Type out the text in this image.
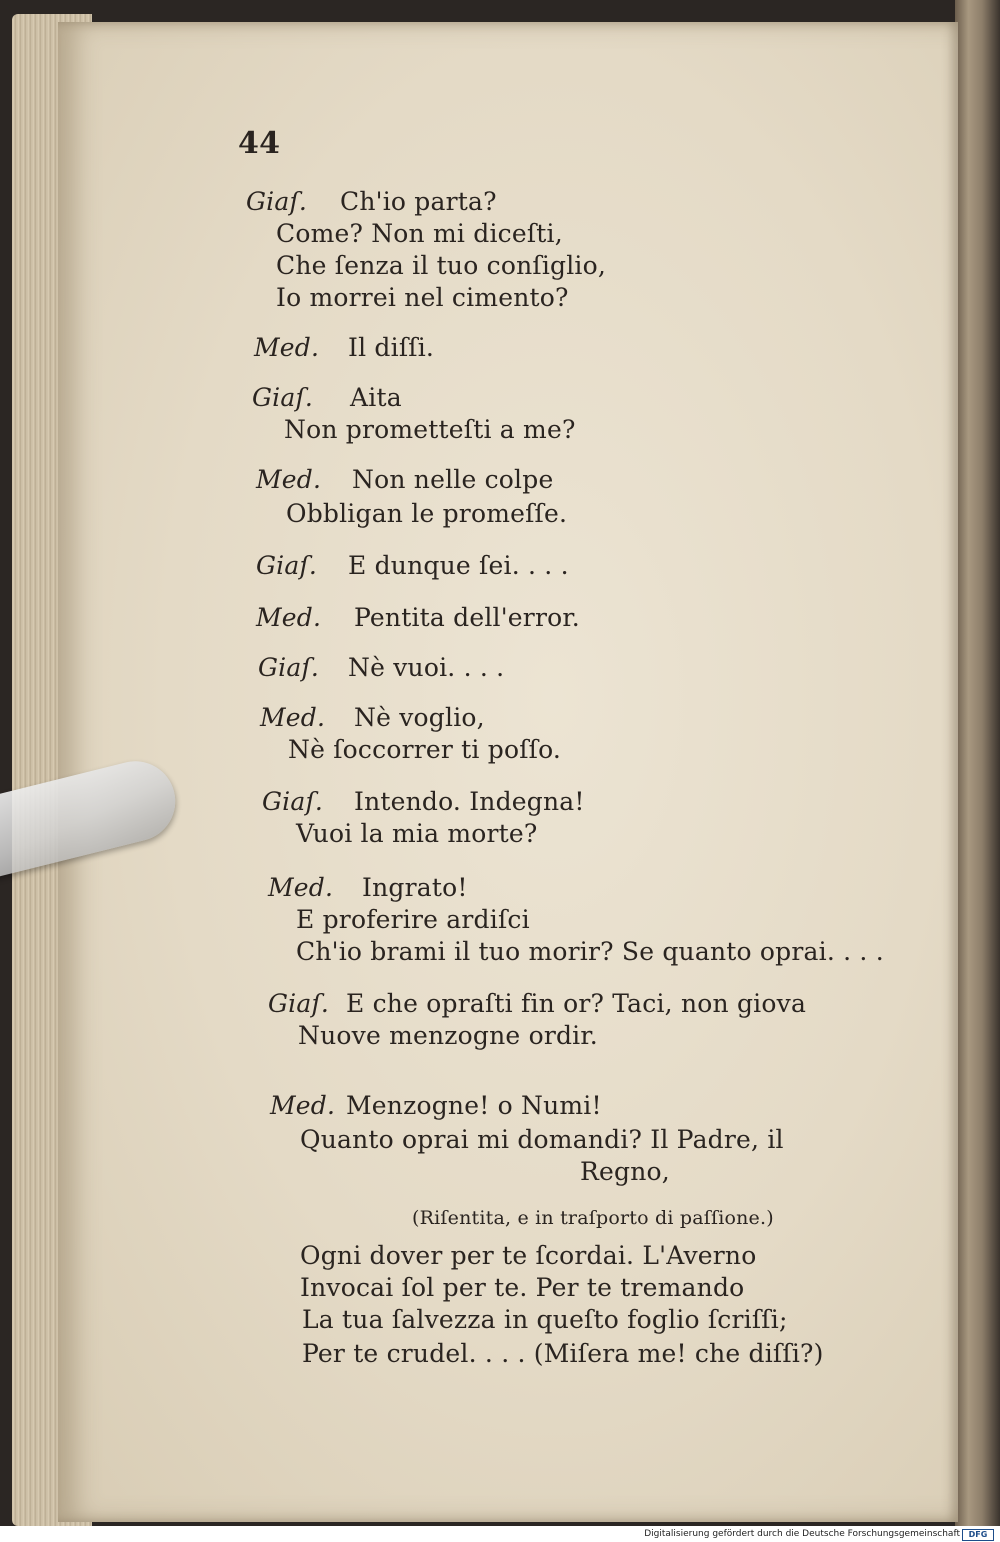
44
Giaſ. Ch'io parta?
Come? Non mi diceſti,
Che ſenza il tuo conſiglio,
Io morrei nel cimento?
Med. Il diſſi.
Giaſ. Aita
Non prometteſti a me?
Med. Non nelle colpe
Obbligan le promeſſe.
Giaſ. E dunque ſei. . . .
Med. Pentita dell'error.
Giaſ. Nè vuoi. . . .
Med. Nè voglio,
Nè ſoccorrer ti poſſo.
Giaſ. Intendo. Indegna!
Vuoi la mia morte?
Med. Ingrato!
E proferire ardiſci
Ch'io brami il tuo morir? Se quanto oprai. . . .
Giaſ. E che opraſti fin or? Taci, non giova
Nuove menzogne ordir.
Med. Menzogne! o Numi!
Quanto oprai mi domandi? Il Padre, il
Regno,
(Riſentita, e in traſporto di paſſione.)
Ogni dover per te ſcordai. L'Averno
Invocai ſol per te. Per te tremando
La tua ſalvezza in queſto foglio ſcriſſi;
Per te crudel. . . . (Miſera me! che diſſi?)
Digitalisierung gefördert durch die Deutsche Forschungsgemeinschaft	DFG
